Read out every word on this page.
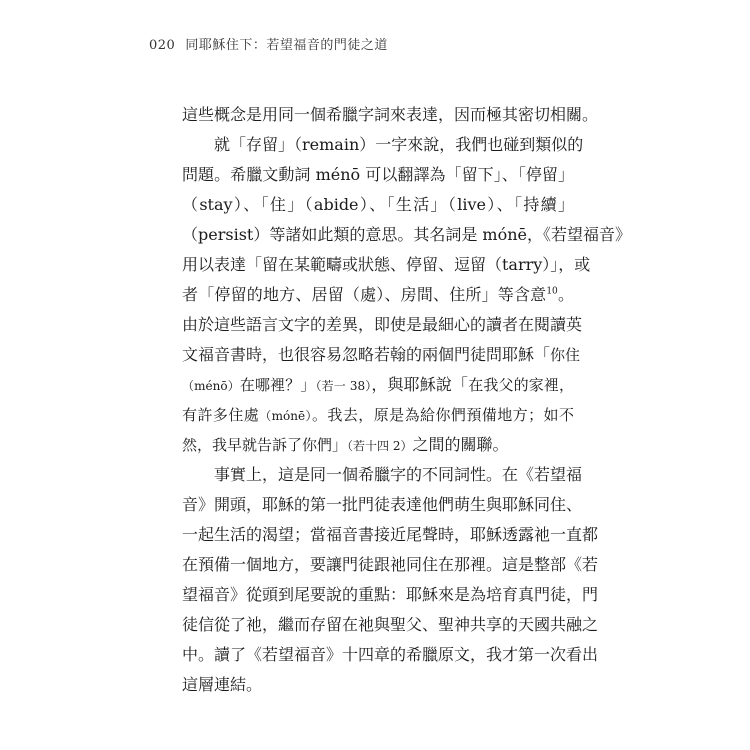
020 同耶穌住下：若望福音的門徒之道
這些概念是用同一個希臘字詞來表達，因而極其密切相關。
就「存留」（remain）一字來說，我們也碰到類似的
問題。希臘文動詞 ménō 可以翻譯為「留下」、「停留」
（stay）、「住」（abide）、「生活」（live）、「持續」
（persist）等諸如此類的意思。其名詞是 mónē，《若望福音》
用以表達「留在某範疇或狀態、停留、逗留（tarry）」，或
者「停留的地方、居留（處）、房間、住所」等含意$^{10}$。
由於這些語言文字的差異，即使是最細心的讀者在閱讀英
文福音書時，也很容易忽略若翰的兩個門徒問耶穌「你住
（ménō）在哪裡？」（若一 38），與耶穌說「在我父的家裡，
有許多住處（mónē）。我去，原是為給你們預備地方；如不
然，我早就告訴了你們」（若十四 2）之間的關聯。
事實上，這是同一個希臘字的不同詞性。在《若望福
音》開頭，耶穌的第一批門徒表達他們萌生與耶穌同住、
一起生活的渴望；當福音書接近尾聲時，耶穌透露祂一直都
在預備一個地方，要讓門徒跟祂同住在那裡。這是整部《若
望福音》從頭到尾要說的重點：耶穌來是為培育真門徒，門
徒信從了祂，繼而存留在祂與聖父、聖神共享的天國共融之
中。讀了《若望福音》十四章的希臘原文，我才第一次看出
這層連結。
